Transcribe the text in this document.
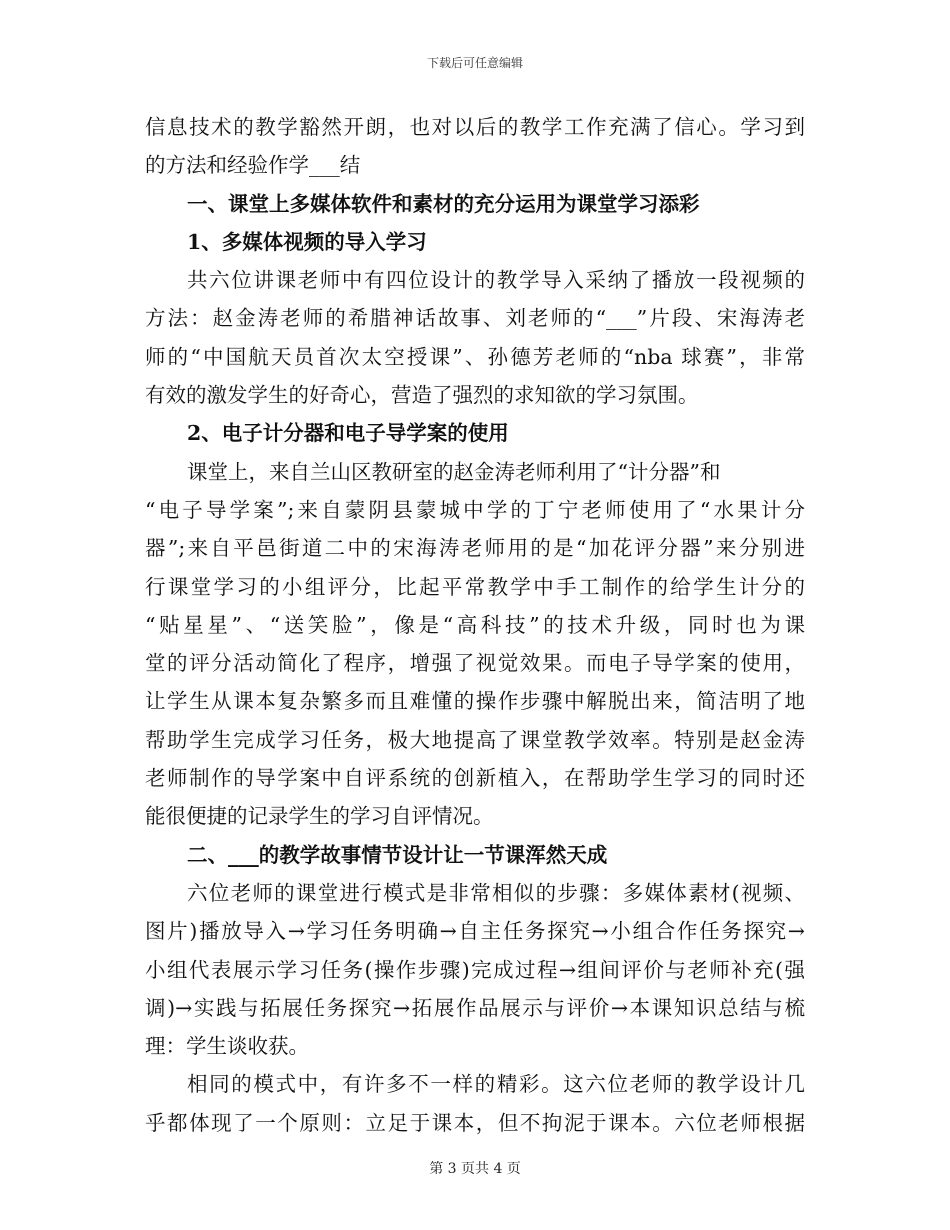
下载后可任意编辑
信息技术的教学豁然开朗，也对以后的教学工作充满了信心。学习到
的方法和经验作学___结
一、课堂上多媒体软件和素材的充分运用为课堂学习添彩
1、多媒体视频的导入学习
共六位讲课老师中有四位设计的教学导入采纳了播放一段视频的
方法：赵金涛老师的希腊神话故事、刘老师的“___”片段、宋海涛老
师的“中国航天员首次太空授课”、孙德芳老师的“nba 球赛”，非常
有效的激发学生的好奇心，营造了强烈的求知欲的学习氛围。
2、电子计分器和电子导学案的使用
课堂上，来自兰山区教研室的赵金涛老师利用了“计分器”和
“电子导学案”;来自蒙阴县蒙城中学的丁宁老师使用了“水果计分
器”;来自平邑街道二中的宋海涛老师用的是“加花评分器”来分别进
行课堂学习的小组评分，比起平常教学中手工制作的给学生计分的
“贴星星”、“送笑脸”，像是“高科技”的技术升级，同时也为课
堂的评分活动简化了程序，增强了视觉效果。而电子导学案的使用，
让学生从课本复杂繁多而且难懂的操作步骤中解脱出来，简洁明了地
帮助学生完成学习任务，极大地提高了课堂教学效率。特别是赵金涛
老师制作的导学案中自评系统的创新植入，在帮助学生学习的同时还
能很便捷的记录学生的学习自评情况。
二、___的教学故事情节设计让一节课浑然天成
六位老师的课堂进行模式是非常相似的步骤：多媒体素材(视频、
图片)播放导入→学习任务明确→自主任务探究→小组合作任务探究→
小组代表展示学习任务(操作步骤)完成过程→组间评价与老师补充(强
调)→实践与拓展任务探究→拓展作品展示与评价→本课知识总结与梳
理：学生谈收获。
相同的模式中，有许多不一样的精彩。这六位老师的教学设计几
乎都体现了一个原则：立足于课本，但不拘泥于课本。六位老师根据
第 3 页共 4 页
